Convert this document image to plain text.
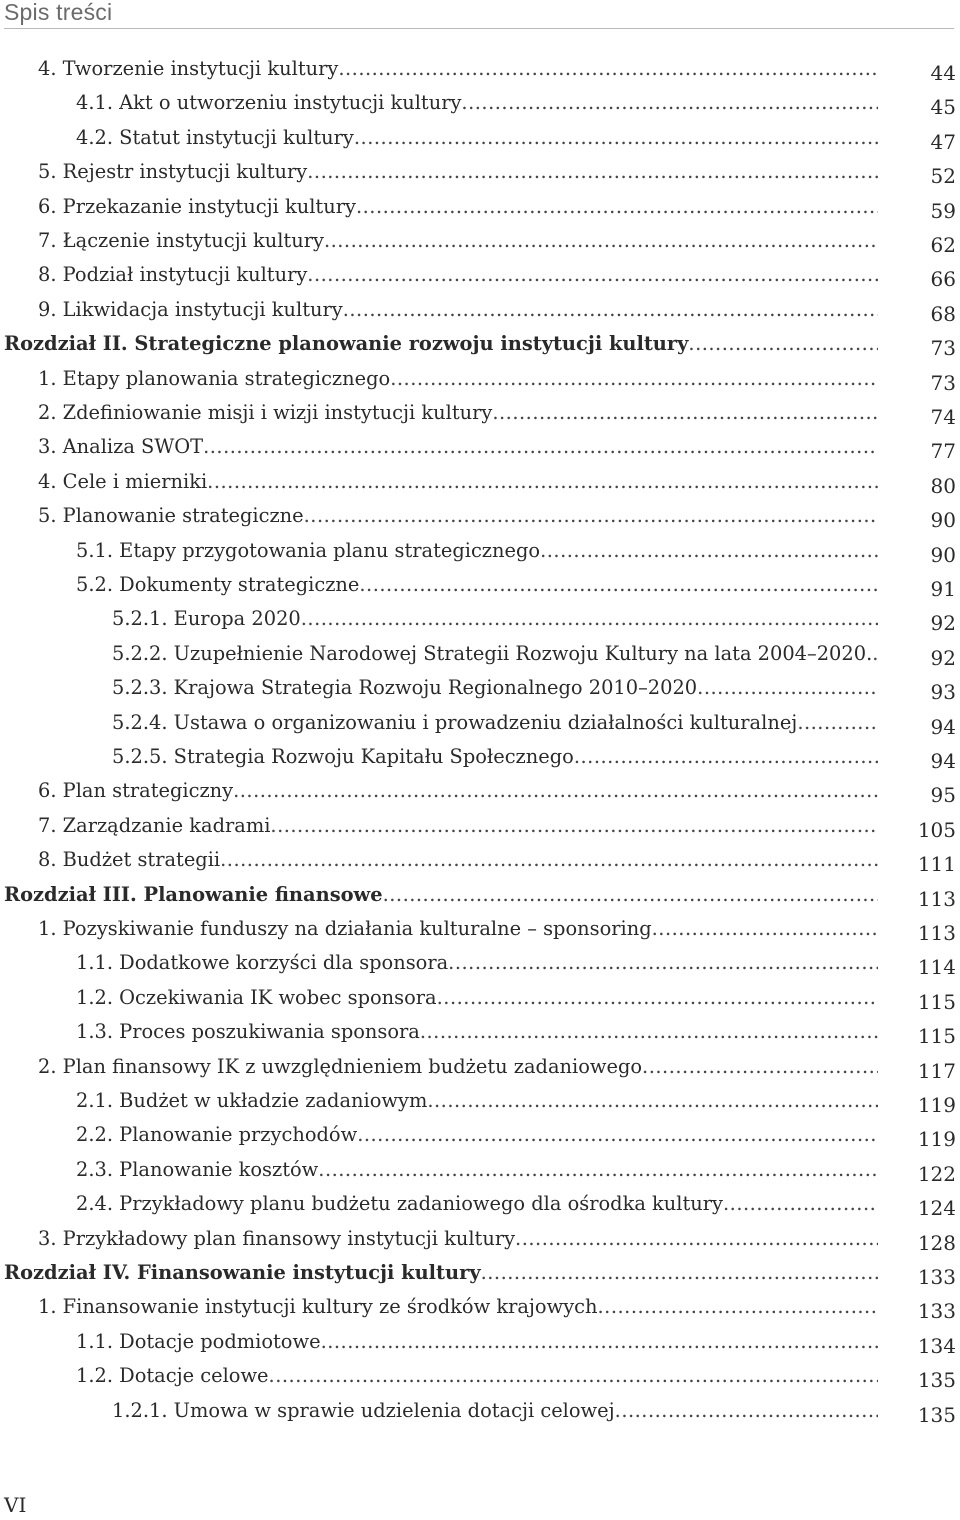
Spis treści
4. Tworzenie instytucji kultury .....	44
4.1. Akt o utworzeniu instytucji kultury .....	45
4.2. Statut instytucji kultury .....	47
5. Rejestr instytucji kultury .....	52
6. Przekazanie instytucji kultury .....	59
7. Łączenie instytucji kultury .....	62
8. Podział instytucji kultury .....	66
9. Likwidacja instytucji kultury .....	68
Rozdział II. Strategiczne planowanie rozwoju instytucji kultury .....	73
1. Etapy planowania strategicznego .....	73
2. Zdefiniowanie misji i wizji instytucji kultury .....	74
3. Analiza SWOT .....	77
4. Cele i mierniki .....	80
5. Planowanie strategiczne .....	90
5.1. Etapy przygotowania planu strategicznego .....	90
5.2. Dokumenty strategiczne .....	91
5.2.1. Europa 2020 .....	92
5.2.2. Uzupełnienie Narodowej Strategii Rozwoju Kultury na lata 2004–2020. .....	92
5.2.3. Krajowa Strategia Rozwoju Regionalnego 2010–2020 .....	93
5.2.4. Ustawa o organizowaniu i prowadzeniu działalności kulturalnej .....	94
5.2.5. Strategia Rozwoju Kapitału Społecznego .....	94
6. Plan strategiczny .....	95
7. Zarządzanie kadrami .....	105
8. Budżet strategii .....	111
Rozdział III. Planowanie finansowe .....	113
1. Pozyskiwanie funduszy na działania kulturalne – sponsoring .....	113
1.1. Dodatkowe korzyści dla sponsora .....	114
1.2. Oczekiwania IK wobec sponsora .....	115
1.3. Proces poszukiwania sponsora .....	115
2. Plan finansowy IK z uwzględnieniem budżetu zadaniowego .....	117
2.1. Budżet w układzie zadaniowym .....	119
2.2. Planowanie przychodów .....	119
2.3. Planowanie kosztów .....	122
2.4. Przykładowy planu budżetu zadaniowego dla ośrodka kultury .....	124
3. Przykładowy plan finansowy instytucji kultury .....	128
Rozdział IV. Finansowanie instytucji kultury .....	133
1. Finansowanie instytucji kultury ze środków krajowych .....	133
1.1. Dotacje podmiotowe .....	134
1.2. Dotacje celowe .....	135
1.2.1. Umowa w sprawie udzielenia dotacji celowej .....	135
VI
